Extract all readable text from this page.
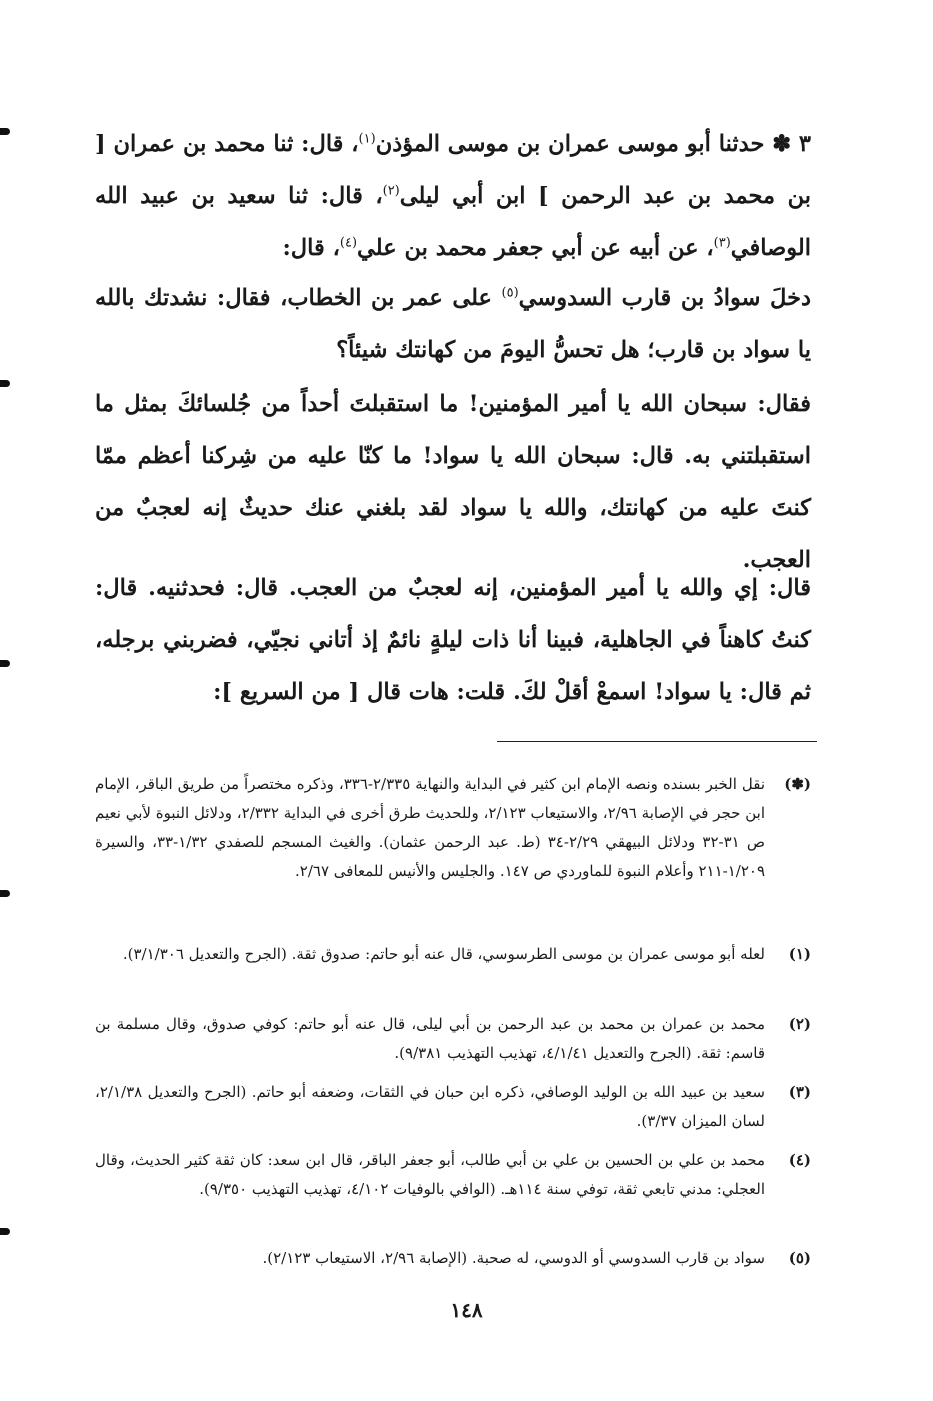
٣ ✽ حدثنا أبو موسى عمران بن موسى المؤذن$^{(١)}$، قال: ثنا محمد بن عمران [ بن محمد بن عبد الرحمن ] ابن أبي ليلى$^{(٢)}$، قال: ثنا سعيد بن عبيد الله الوصافي$^{(٣)}$، عن أبيه عن أبي جعفر محمد بن علي$^{(٤)}$، قال:

دخلَ سوادُ بن قارب السدوسي$^{(٥)}$ على عمر بن الخطاب، فقال: نشدتك بالله يا سواد بن قارب؛ هل تحسُّ اليومَ من كهانتك شيئاً؟

فقال: سبحان الله يا أمير المؤمنين! ما استقبلتَ أحداً من جُلسائكَ بمثل ما استقبلتني به. قال: سبحان الله يا سواد! ما كنّا عليه من شِركنا أعظم ممّا كنتَ عليه من كهانتك، والله يا سواد لقد بلغني عنك حديثٌ إنه لعجبٌ من العجب.

قال: إي والله يا أمير المؤمنين، إنه لعجبٌ من العجب. قال: فحدثنيه. قال: كنتُ كاهناً في الجاهلية، فبينا أنا ذات ليلةٍ نائمٌ إذ أتاني نجيّي، فضربني برجله، ثم قال: يا سواد! اسمعْ أقلْ لكَ. قلت: هات قال [ من السريع ]:

(✽)
نقل الخبر بسنده ونصه الإمام ابن كثير في البداية والنهاية ٢/٣٣٥-٣٣٦، وذكره مختصراً من طريق الباقر، الإمام ابن حجر في الإصابة ٢/٩٦، والاستيعاب ٢/١٢٣، وللحديث طرق أخرى في البداية ٢/٣٣٢، ودلائل النبوة لأبي نعيم ص ٣١-٣٢ ودلائل البيهقي ٢/٢٩-٣٤ (ط. عبد الرحمن عثمان). والغيث المسجم للصفدي ١/٣٢-٣٣، والسيرة ١/٢٠٩-٢١١ وأعلام النبوة للماوردي ص ١٤٧. والجليس والأنيس للمعافى ٢/٦٧.
(١)
لعله أبو موسى عمران بن موسى الطرسوسي، قال عنه أبو حاتم: صدوق ثقة. (الجرح والتعديل ٣/١/٣٠٦).
(٢)
محمد بن عمران بن محمد بن عبد الرحمن بن أبي ليلى، قال عنه أبو حاتم: كوفي صدوق، وقال مسلمة بن قاسم: ثقة. (الجرح والتعديل ٤/١/٤١، تهذيب التهذيب ٩/٣٨١).
(٣)
سعيد بن عبيد الله بن الوليد الوصافي، ذكره ابن حبان في الثقات، وضعفه أبو حاتم. (الجرح والتعديل ٢/١/٣٨، لسان الميزان ٣/٣٧).
(٤)
محمد بن علي بن الحسين بن علي بن أبي طالب، أبو جعفر الباقر، قال ابن سعد: كان ثقة كثير الحديث، وقال العجلي: مدني تابعي ثقة، توفي سنة ١١٤هـ. (الوافي بالوفيات ٤/١٠٢، تهذيب التهذيب ٩/٣٥٠).
(٥)
سواد بن قارب السدوسي أو الدوسي، له صحبة. (الإصابة ٢/٩٦، الاستيعاب ٢/١٢٣).
١٤٨
